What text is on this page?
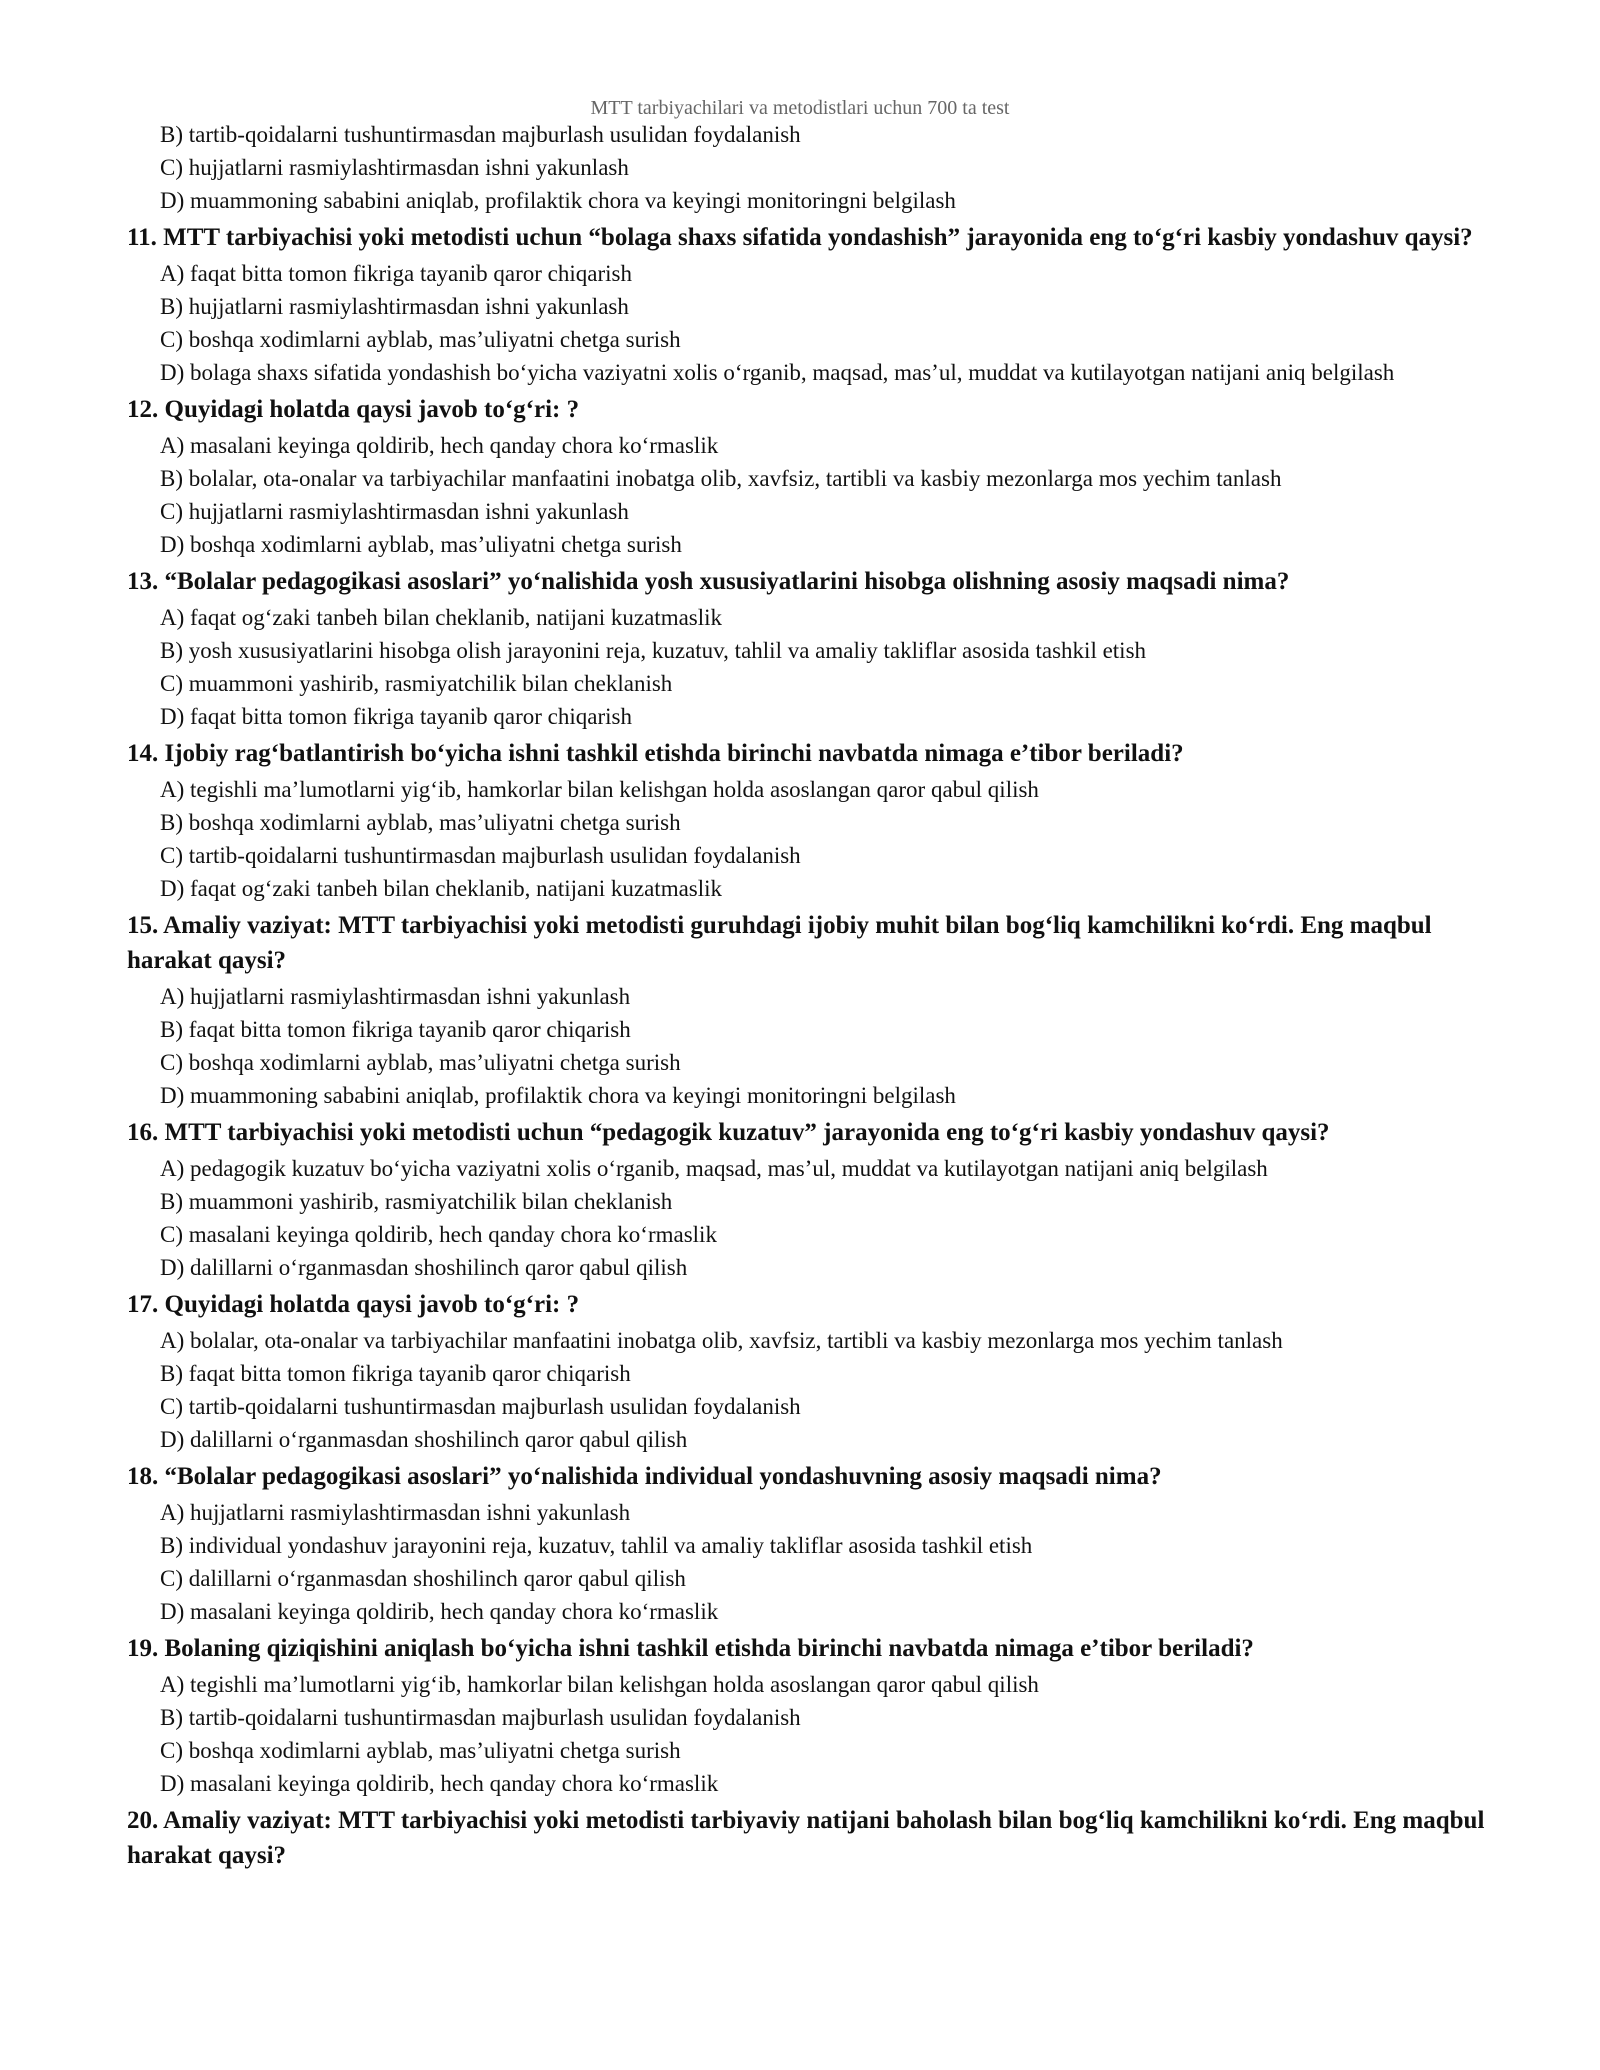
MTT tarbiyachilari va metodistlari uchun 700 ta test

B) tartib-qoidalarni tushuntirmasdan majburlash usulidan foydalanish

C) hujjatlarni rasmiylashtirmasdan ishni yakunlash

D) muammoning sababini aniqlab, profilaktik chora va keyingi monitoringni belgilash

11. MTT tarbiyachisi yoki metodisti uchun “bolaga shaxs sifatida yondashish” jarayonida eng to‘g‘ri kasbiy yondashuv qaysi?

A) faqat bitta tomon fikriga tayanib qaror chiqarish

B) hujjatlarni rasmiylashtirmasdan ishni yakunlash

C) boshqa xodimlarni ayblab, mas’uliyatni chetga surish

D) bolaga shaxs sifatida yondashish bo‘yicha vaziyatni xolis o‘rganib, maqsad, mas’ul, muddat va kutilayotgan natijani aniq belgilash

12. Quyidagi holatda qaysi javob to‘g‘ri: ?

A) masalani keyinga qoldirib, hech qanday chora ko‘rmaslik

B) bolalar, ota-onalar va tarbiyachilar manfaatini inobatga olib, xavfsiz, tartibli va kasbiy mezonlarga mos yechim tanlash

C) hujjatlarni rasmiylashtirmasdan ishni yakunlash

D) boshqa xodimlarni ayblab, mas’uliyatni chetga surish

13. “Bolalar pedagogikasi asoslari” yo‘nalishida yosh xususiyatlarini hisobga olishning asosiy maqsadi nima?

A) faqat og‘zaki tanbeh bilan cheklanib, natijani kuzatmaslik

B) yosh xususiyatlarini hisobga olish jarayonini reja, kuzatuv, tahlil va amaliy takliflar asosida tashkil etish

C) muammoni yashirib, rasmiyatchilik bilan cheklanish

D) faqat bitta tomon fikriga tayanib qaror chiqarish

14. Ijobiy rag‘batlantirish bo‘yicha ishni tashkil etishda birinchi navbatda nimaga e’tibor beriladi?

A) tegishli ma’lumotlarni yig‘ib, hamkorlar bilan kelishgan holda asoslangan qaror qabul qilish

B) boshqa xodimlarni ayblab, mas’uliyatni chetga surish

C) tartib-qoidalarni tushuntirmasdan majburlash usulidan foydalanish

D) faqat og‘zaki tanbeh bilan cheklanib, natijani kuzatmaslik

15. Amaliy vaziyat: MTT tarbiyachisi yoki metodisti guruhdagi ijobiy muhit bilan bog‘liq kamchilikni ko‘rdi. Eng maqbul harakat qaysi?

A) hujjatlarni rasmiylashtirmasdan ishni yakunlash

B) faqat bitta tomon fikriga tayanib qaror chiqarish

C) boshqa xodimlarni ayblab, mas’uliyatni chetga surish

D) muammoning sababini aniqlab, profilaktik chora va keyingi monitoringni belgilash

16. MTT tarbiyachisi yoki metodisti uchun “pedagogik kuzatuv” jarayonida eng to‘g‘ri kasbiy yondashuv qaysi?

A) pedagogik kuzatuv bo‘yicha vaziyatni xolis o‘rganib, maqsad, mas’ul, muddat va kutilayotgan natijani aniq belgilash

B) muammoni yashirib, rasmiyatchilik bilan cheklanish

C) masalani keyinga qoldirib, hech qanday chora ko‘rmaslik

D) dalillarni o‘rganmasdan shoshilinch qaror qabul qilish

17. Quyidagi holatda qaysi javob to‘g‘ri: ?

A) bolalar, ota-onalar va tarbiyachilar manfaatini inobatga olib, xavfsiz, tartibli va kasbiy mezonlarga mos yechim tanlash

B) faqat bitta tomon fikriga tayanib qaror chiqarish

C) tartib-qoidalarni tushuntirmasdan majburlash usulidan foydalanish

D) dalillarni o‘rganmasdan shoshilinch qaror qabul qilish

18. “Bolalar pedagogikasi asoslari” yo‘nalishida individual yondashuvning asosiy maqsadi nima?

A) hujjatlarni rasmiylashtirmasdan ishni yakunlash

B) individual yondashuv jarayonini reja, kuzatuv, tahlil va amaliy takliflar asosida tashkil etish

C) dalillarni o‘rganmasdan shoshilinch qaror qabul qilish

D) masalani keyinga qoldirib, hech qanday chora ko‘rmaslik

19. Bolaning qiziqishini aniqlash bo‘yicha ishni tashkil etishda birinchi navbatda nimaga e’tibor beriladi?

A) tegishli ma’lumotlarni yig‘ib, hamkorlar bilan kelishgan holda asoslangan qaror qabul qilish

B) tartib-qoidalarni tushuntirmasdan majburlash usulidan foydalanish

C) boshqa xodimlarni ayblab, mas’uliyatni chetga surish

D) masalani keyinga qoldirib, hech qanday chora ko‘rmaslik

20. Amaliy vaziyat: MTT tarbiyachisi yoki metodisti tarbiyaviy natijani baholash bilan bog‘liq kamchilikni ko‘rdi. Eng maqbul harakat qaysi?
